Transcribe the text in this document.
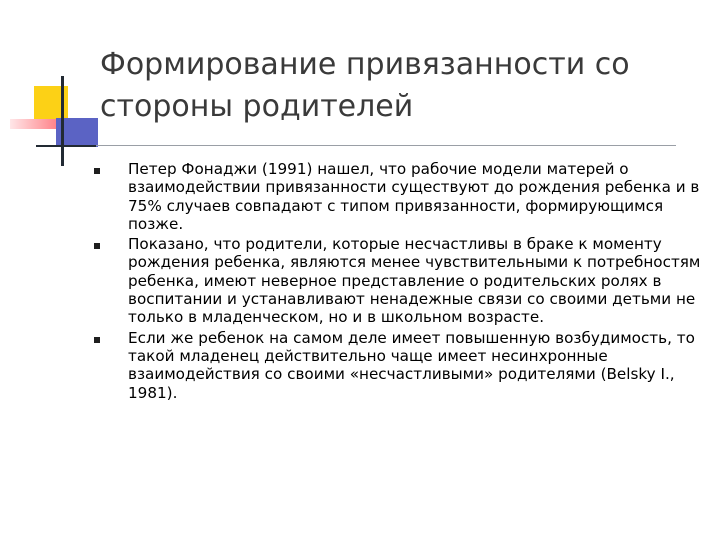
Формирование привязанности со стороны родителей
Петер Фонаджи (1991) нашел, что рабочие модели матерей о взаимодействии привязанности существуют до рождения ребенка и в 75% случаев совпадают с типом привязанности, формирующимся позже.
Показано, что родители, которые несчастливы в браке к моменту рождения ребенка, являются менее чувствительными к потребностям ребенка, имеют неверное представление о родительских ролях в воспитании и устанавливают ненадежные связи со своими детьми не только в младенческом, но и в школьном возрасте.
Если же ребенок на самом деле имеет повышенную возбудимость, то такой младенец действительно чаще имеет несинхронные взаимодействия со своими «несчастливыми» родителями (Belsky I., 1981).
